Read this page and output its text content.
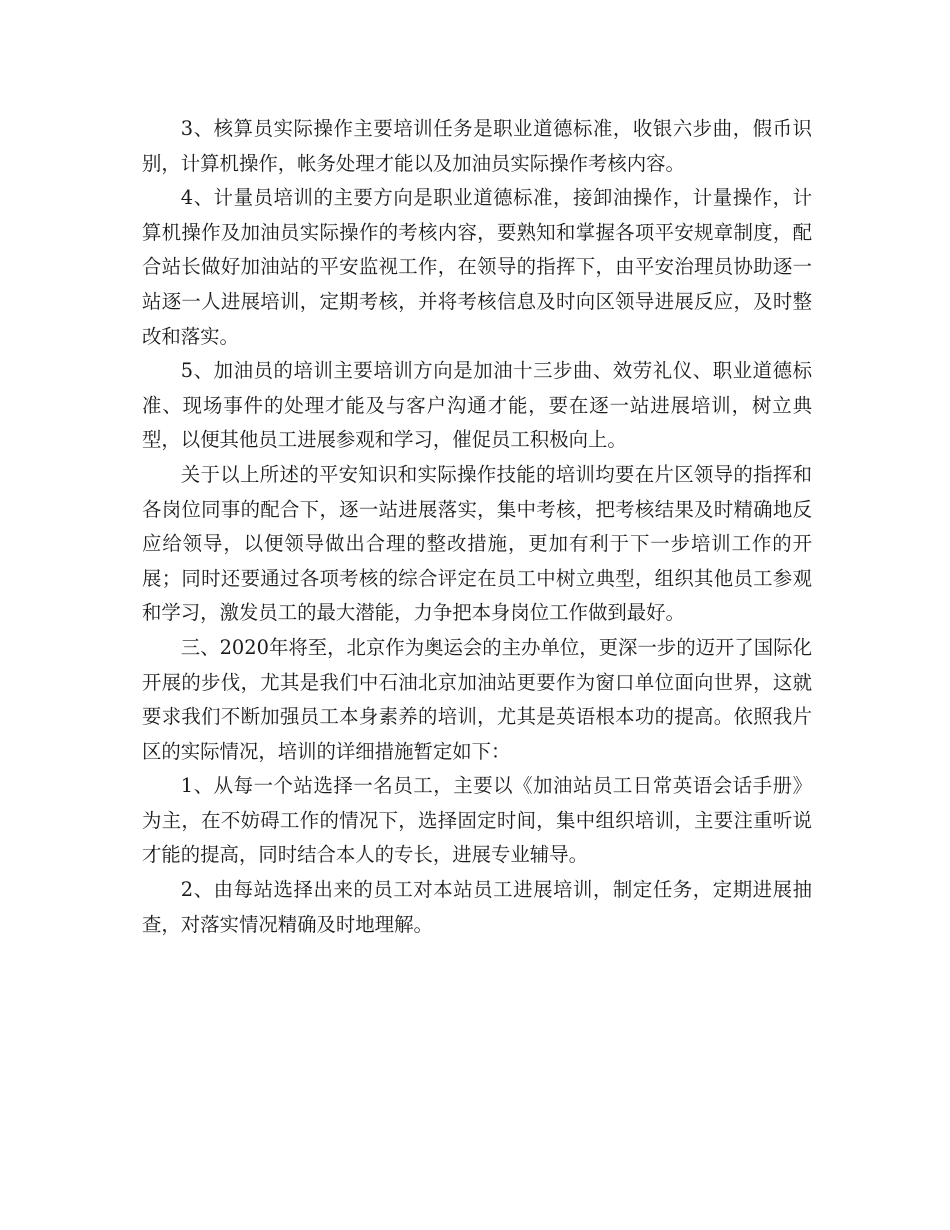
3、核算员实际操作主要培训任务是职业道德标准，收银六步曲，假币识别，计算机操作，帐务处理才能以及加油员实际操作考核内容。

4、计量员培训的主要方向是职业道德标准，接卸油操作，计量操作，计算机操作及加油员实际操作的考核内容，要熟知和掌握各项平安规章制度，配合站长做好加油站的平安监视工作，在领导的指挥下，由平安治理员协助逐一站逐一人进展培训，定期考核，并将考核信息及时向区领导进展反应，及时整改和落实。

5、加油员的培训主要培训方向是加油十三步曲、效劳礼仪、职业道德标准、现场事件的处理才能及与客户沟通才能，要在逐一站进展培训，树立典型，以便其他员工进展参观和学习，催促员工积极向上。

关于以上所述的平安知识和实际操作技能的培训均要在片区领导的指挥和各岗位同事的配合下，逐一站进展落实，集中考核，把考核结果及时精确地反应给领导，以便领导做出合理的整改措施，更加有利于下一步培训工作的开展；同时还要通过各项考核的综合评定在员工中树立典型，组织其他员工参观和学习，激发员工的最大潜能，力争把本身岗位工作做到最好。

三、2020年将至，北京作为奥运会的主办单位，更深一步的迈开了国际化开展的步伐，尤其是我们中石油北京加油站更要作为窗口单位面向世界，这就要求我们不断加强员工本身素养的培训，尤其是英语根本功的提高。依照我片区的实际情况，培训的详细措施暂定如下：

1、从每一个站选择一名员工，主要以《加油站员工日常英语会话手册》为主，在不妨碍工作的情况下，选择固定时间，集中组织培训，主要注重听说才能的提高，同时结合本人的专长，进展专业辅导。

2、由每站选择出来的员工对本站员工进展培训，制定任务，定期进展抽查，对落实情况精确及时地理解。
